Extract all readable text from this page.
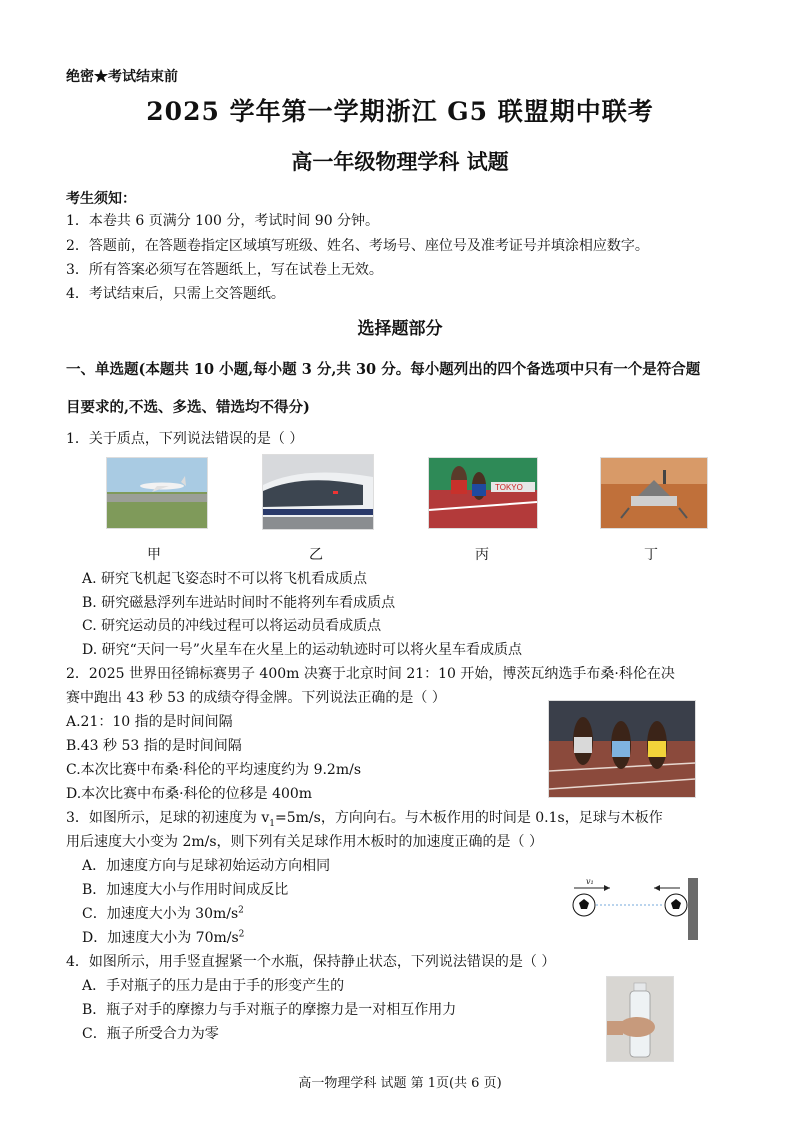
绝密★考试结束前
2025 学年第一学期浙江 G5 联盟期中联考
高一年级物理学科 试题
考生须知：
1．本卷共 6 页满分 100 分，考试时间 90 分钟。
2．答题前，在答题卷指定区域填写班级、姓名、考场号、座位号及准考证号并填涂相应数字。
3．所有答案必须写在答题纸上，写在试卷上无效。
4．考试结束后，只需上交答题纸。
选择题部分
一、单选题(本题共 10 小题,每小题 3 分,共 30 分。每小题列出的四个备选项中只有一个是符合题
目要求的,不选、多选、错选均不得分)
1．关于质点，下列说法错误的是（ ）
TOKYO
甲	乙	丙	丁
A. 研究飞机起飞姿态时不可以将飞机看成质点
B. 研究磁悬浮列车进站时间时不能将列车看成质点
C. 研究运动员的冲线过程可以将运动员看成质点
D. 研究“天问一号”火星车在火星上的运动轨迹时可以将火星车看成质点
2．2025 世界田径锦标赛男子 400m 决赛于北京时间 21：10 开始，博茨瓦纳选手布桑·科伦在决
赛中跑出 43 秒 53 的成绩夺得金牌。下列说法正确的是（ ）
A.21：10 指的是时间间隔
B.43 秒 53 指的是时间间隔
C.本次比赛中布桑·科伦的平均速度约为 9.2m/s
D.本次比赛中布桑·科伦的位移是 400m
3．如图所示，足球的初速度为 $v_1=5m/s$，方向向右。与木板作用的时间是 0.1s，足球与木板作
用后速度大小变为 2m/s，则下列有关足球作用木板时的加速度正确的是（ ）
A．加速度方向与足球初始运动方向相同
B．加速度大小与作用时间成反比
C．加速度大小为 $30m/s^2$
D．加速度大小为 $70m/s^2$
v₁
4．如图所示，用手竖直握紧一个水瓶，保持静止状态，下列说法错误的是（ ）
A．手对瓶子的压力是由于手的形变产生的
B．瓶子对手的摩擦力与手对瓶子的摩擦力是一对相互作用力
C．瓶子所受合力为零
高一物理学科 试题 第 1页(共 6 页)
